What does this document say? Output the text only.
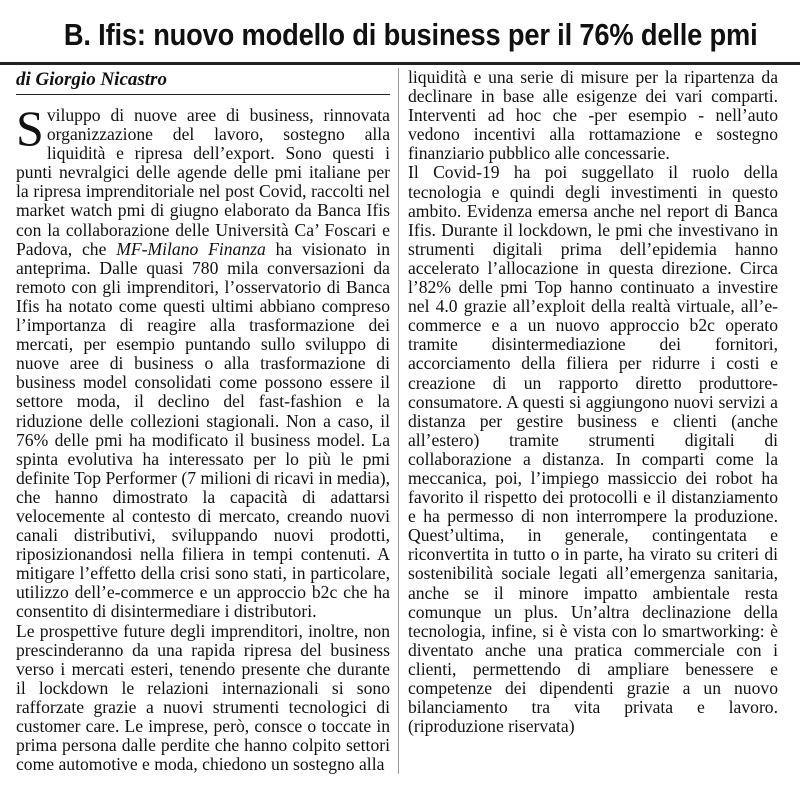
B. Ifis: nuovo modello di business per il 76% delle pmi
di Giorgio Nicastro

Sviluppo di nuove aree di business, rinnovata organizzazione del lavoro, sostegno alla liquidità e ripresa dell’export. Sono questi i punti nevralgici delle agende delle pmi italiane per la ripresa imprenditoriale nel post Covid, raccolti nel market watch pmi di giugno elaborato da Banca Ifis con la collaborazione delle Università Ca’ Foscari e Padova, che MF-Milano Finanza ha visionato in anteprima. Dalle quasi 780 mila conversazioni da remoto con gli imprenditori, l’osservatorio di Banca Ifis ha notato come questi ultimi abbiano compreso l’importanza di reagire alla trasformazione dei mercati, per esempio puntando sullo sviluppo di nuove aree di business o alla trasformazione di business model consolidati come possono essere il settore moda, il declino del fast-fashion e la riduzione delle collezioni stagionali. Non a caso, il 76% delle pmi ha modificato il business model. La spinta evolutiva ha interessato per lo più le pmi definite Top Performer (7 milioni di ricavi in media), che hanno dimostrato la capacità di adattarsi velocemente al contesto di mercato, creando nuovi canali distributivi, sviluppando nuovi prodotti, riposizionandosi nella filiera in tempi contenuti. A mitigare l’effetto della crisi sono stati, in particolare, utilizzo dell’e-commerce e un approccio b2c che ha consentito di disintermediare i distributori.

Le prospettive future degli imprenditori, inoltre, non prescinderanno da una rapida ripresa del business verso i mercati esteri, tenendo presente che durante il lockdown le relazioni internazionali si sono rafforzate grazie a nuovi strumenti tecnologici di customer care. Le imprese, però, consce o toccate in prima persona dalle perdite che hanno colpito settori come automotive e moda, chiedono un sostegno alla

liquidità e una serie di misure per la ripartenza da declinare in base alle esigenze dei vari comparti. Interventi ad hoc che -per esempio - nell’auto vedono incentivi alla rottamazione e sostegno finanziario pubblico alle concessarie.

Il Covid-19 ha poi suggellato il ruolo della tecnologia e quindi degli investimenti in questo ambito. Evidenza emersa anche nel report di Banca Ifis. Durante il lockdown, le pmi che investivano in strumenti digitali prima dell’epidemia hanno accelerato l’allocazione in questa direzione. Circa l’82% delle pmi Top hanno continuato a investire nel 4.0 grazie all’exploit della realtà virtuale, all’e-commerce e a un nuovo approccio b2c operato tramite disintermediazione dei fornitori, accorciamento della filiera per ridurre i costi e creazione di un rapporto diretto produttore-consumatore. A questi si aggiungono nuovi servizi a distanza per gestire business e clienti (anche all’estero) tramite strumenti digitali di collaborazione a distanza. In comparti come la meccanica, poi, l’impiego massiccio dei robot ha favorito il rispetto dei protocolli e il distanziamento e ha permesso di non interrompere la produzione. Quest’ultima, in generale, contingentata e riconvertita in tutto o in parte, ha virato su criteri di sostenibilità sociale legati all’emergenza sanitaria, anche se il minore impatto ambientale resta comunque un plus. Un’altra declinazione della tecnologia, infine, si è vista con lo smartworking: è diventato anche una pratica commerciale con i clienti, permettendo di ampliare benessere e competenze dei dipendenti grazie a un nuovo bilanciamento tra vita privata e lavoro. (riproduzione riservata)
